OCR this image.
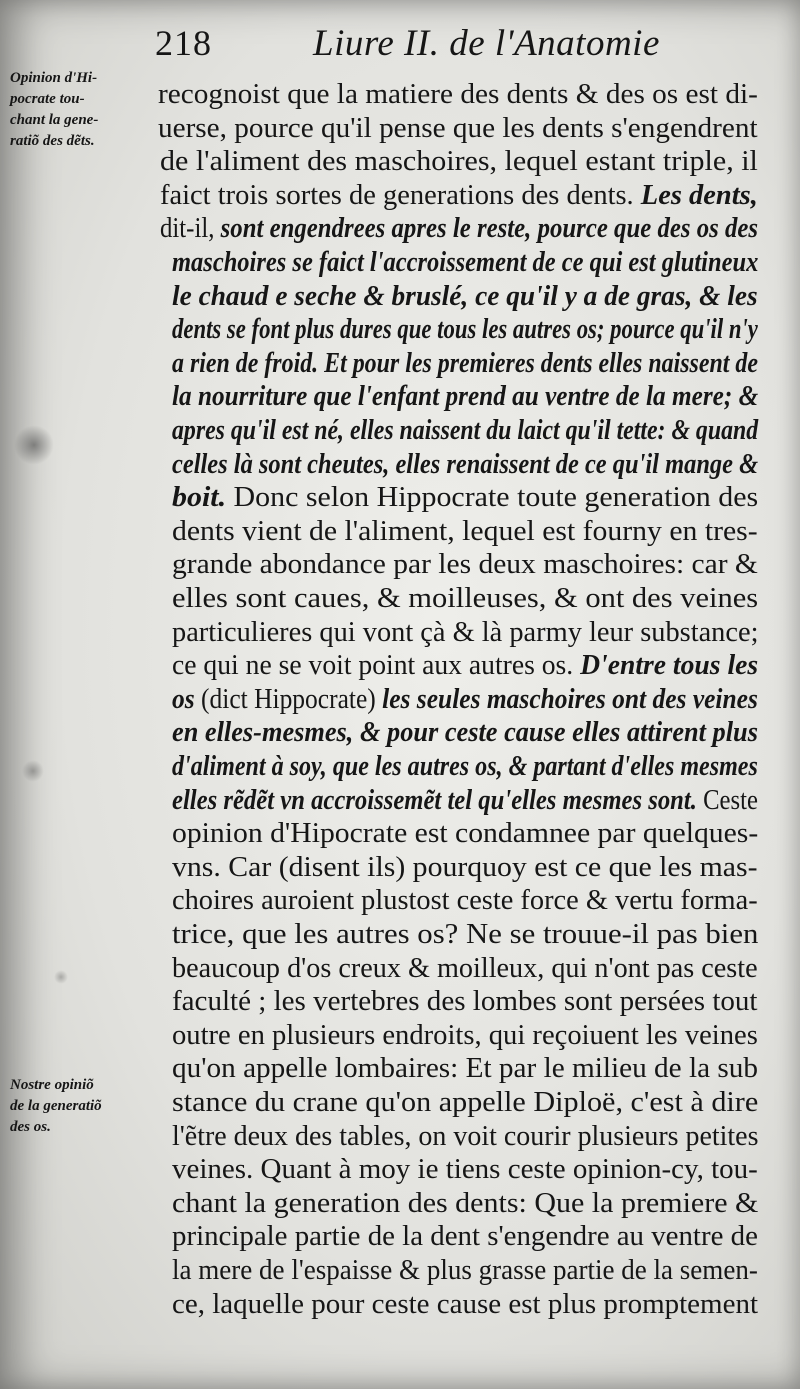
218	Liure II. de l'Anatomie
Opinion d'Hi-
pocrate tou-
chant la gene-
ratiõ des dẽts.
Nostre opiniõ
de la generatiõ
des os.
recognoist que la matiere des dents & des os est di-
uerse, pource qu'il pense que les dents s'engendrent
de l'aliment des maschoires, lequel estant triple, il
faict trois sortes de generations des dents. Les dents,
dit-il, sont engendrees apres le reste, pource que des os des
maschoires se faict l'accroissement de ce qui est glutineux
le chaud e seche & bruslé, ce qu'il y a de gras, & les
dents se font plus dures que tous les autres os; pource qu'il n'y
a rien de froid. Et pour les premieres dents elles naissent de
la nourriture que l'enfant prend au ventre de la mere; &
apres qu'il est né, elles naissent du laict qu'il tette: & quand
celles là sont cheutes, elles renaissent de ce qu'il mange &
boit. Donc selon Hippocrate toute generation des
dents vient de l'aliment, lequel est fourny en tres-
grande abondance par les deux maschoires: car &
elles sont caues, & moilleuses, & ont des veines
particulieres qui vont çà & là parmy leur substance;
ce qui ne se voit point aux autres os. D'entre tous les
os (dict Hippocrate) les seules maschoires ont des veines
en elles-mesmes, & pour ceste cause elles attirent plus
d'aliment à soy, que les autres os, & partant d'elles mesmes
elles rẽdẽt vn accroissemẽt tel qu'elles mesmes sont. Ceste
opinion d'Hipocrate est condamnee par quelques-
vns. Car (disent ils) pourquoy est ce que les mas-
choires auroient plustost ceste force & vertu forma-
trice, que les autres os? Ne se trouue-il pas bien
beaucoup d'os creux & moilleux, qui n'ont pas ceste
faculté ; les vertebres des lombes sont persées tout
outre en plusieurs endroits, qui reçoiuent les veines
qu'on appelle lombaires: Et par le milieu de la sub
stance du crane qu'on appelle Diploë, c'est à dire
l'ẽtre deux des tables, on voit courir plusieurs petites
veines. Quant à moy ie tiens ceste opinion-cy, tou-
chant la generation des dents: Que la premiere &
principale partie de la dent s'engendre au ventre de
la mere de l'espaisse & plus grasse partie de la semen-
ce, laquelle pour ceste cause est plus promptement
